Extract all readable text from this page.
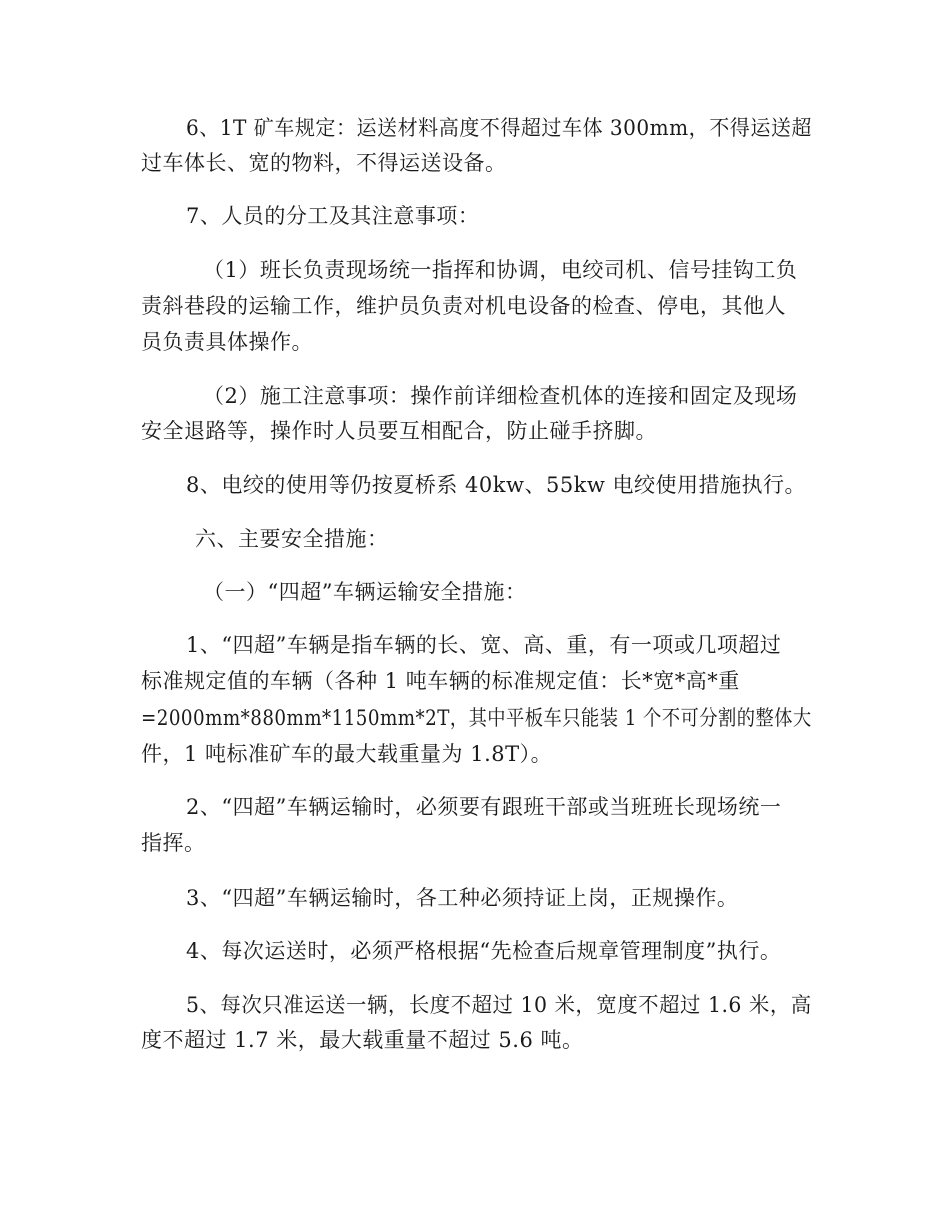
6、1T 矿车规定：运送材料高度不得超过车体 300mm，不得运送超
过车体长、宽的物料，不得运送设备。
7、人员的分工及其注意事项：
（1）班长负责现场统一指挥和协调，电绞司机、信号挂钩工负
责斜巷段的运输工作，维护员负责对机电设备的检查、停电，其他人
员负责具体操作。
（2）施工注意事项：操作前详细检查机体的连接和固定及现场
安全退路等，操作时人员要互相配合，防止碰手挤脚。
8、电绞的使用等仍按夏桥系 40kw、55kw 电绞使用措施执行。
六、主要安全措施：
（一）“四超”车辆运输安全措施：
1、“四超”车辆是指车辆的长、宽、高、重，有一项或几项超过
标准规定值的车辆（各种 1 吨车辆的标准规定值：长*宽*高*重
=2000mm*880mm*1150mm*2T，其中平板车只能装 1 个不可分割的整体大
件，1 吨标准矿车的最大载重量为 1.8T）。
2、“四超”车辆运输时，必须要有跟班干部或当班班长现场统一
指挥。
3、“四超”车辆运输时，各工种必须持证上岗，正规操作。
4、每次运送时，必须严格根据“先检查后规章管理制度”执行。
5、每次只准运送一辆，长度不超过 10 米，宽度不超过 1.6 米，高
度不超过 1.7 米，最大载重量不超过 5.6 吨。
